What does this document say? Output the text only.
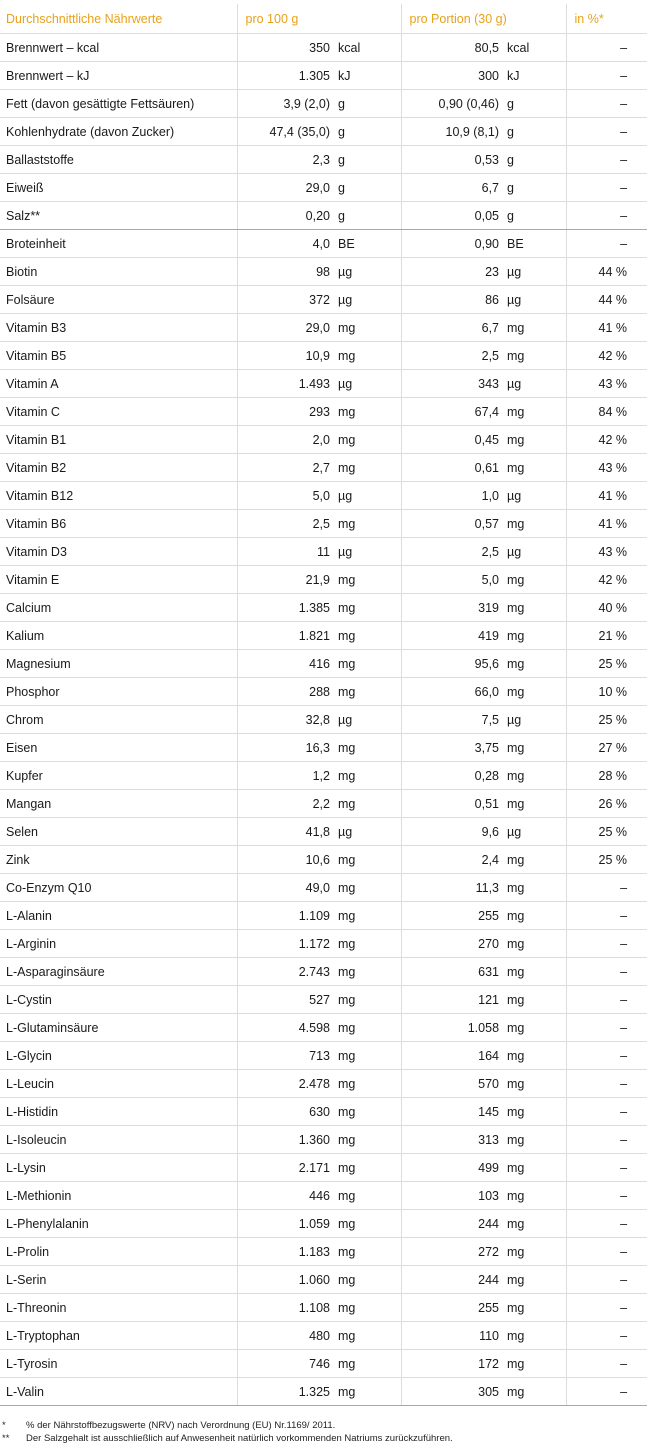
Durchschnittliche Nährwerte	pro 100 g		pro Portion (30 g)		in %*
Brennwert – kcal	350	kcal	80,5	kcal	–
Brennwert – kJ	1.305	kJ	300	kJ	–
Fett (davon gesättigte Fettsäuren)	3,9 (2,0)	g	0,90 (0,46)	g	–
Kohlenhydrate (davon Zucker)	47,4 (35,0)	g	10,9 (8,1)	g	–
Ballaststoffe	2,3	g	0,53	g	–
Eiweiß	29,0	g	6,7	g	–
Salz**	0,20	g	0,05	g	–
Broteinheit	4,0	BE	0,90	BE	–
Biotin	98	µg	23	µg	44 %
Folsäure	372	µg	86	µg	44 %
Vitamin B3	29,0	mg	6,7	mg	41 %
Vitamin B5	10,9	mg	2,5	mg	42 %
Vitamin A	1.493	µg	343	µg	43 %
Vitamin C	293	mg	67,4	mg	84 %
Vitamin B1	2,0	mg	0,45	mg	42 %
Vitamin B2	2,7	mg	0,61	mg	43 %
Vitamin B12	5,0	µg	1,0	µg	41 %
Vitamin B6	2,5	mg	0,57	mg	41 %
Vitamin D3	11	µg	2,5	µg	43 %
Vitamin E	21,9	mg	5,0	mg	42 %
Calcium	1.385	mg	319	mg	40 %
Kalium	1.821	mg	419	mg	21 %
Magnesium	416	mg	95,6	mg	25 %
Phosphor	288	mg	66,0	mg	10 %
Chrom	32,8	µg	7,5	µg	25 %
Eisen	16,3	mg	3,75	mg	27 %
Kupfer	1,2	mg	0,28	mg	28 %
Mangan	2,2	mg	0,51	mg	26 %
Selen	41,8	µg	9,6	µg	25 %
Zink	10,6	mg	2,4	mg	25 %
Co-Enzym Q10	49,0	mg	11,3	mg	–
L-Alanin	1.109	mg	255	mg	–
L-Arginin	1.172	mg	270	mg	–
L-Asparaginsäure	2.743	mg	631	mg	–
L-Cystin	527	mg	121	mg	–
L-Glutaminsäure	4.598	mg	1.058	mg	–
L-Glycin	713	mg	164	mg	–
L-Leucin	2.478	mg	570	mg	–
L-Histidin	630	mg	145	mg	–
L-Isoleucin	1.360	mg	313	mg	–
L-Lysin	2.171	mg	499	mg	–
L-Methionin	446	mg	103	mg	–
L-Phenylalanin	1.059	mg	244	mg	–
L-Prolin	1.183	mg	272	mg	–
L-Serin	1.060	mg	244	mg	–
L-Threonin	1.108	mg	255	mg	–
L-Tryptophan	480	mg	110	mg	–
L-Tyrosin	746	mg	172	mg	–
L-Valin	1.325	mg	305	mg	–
*	% der Nährstoffbezugswerte (NRV) nach Verordnung (EU) Nr.1169/ 2011.
**	Der Salzgehalt ist ausschließlich auf Anwesenheit natürlich vorkommenden Natriums zurückzuführen.
